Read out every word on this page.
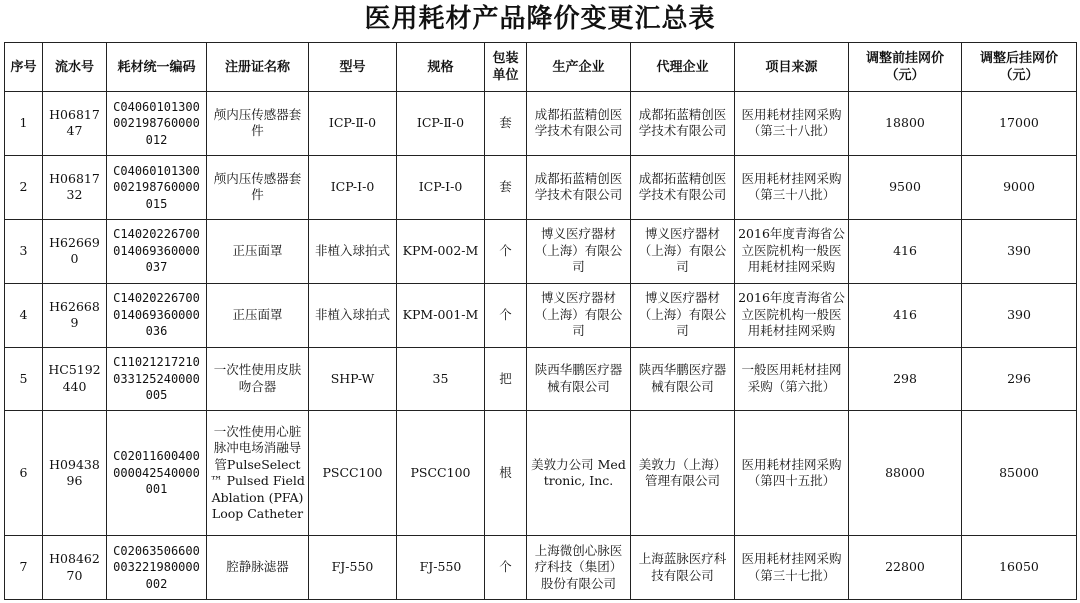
医用耗材产品降价变更汇总表
序号	流水号	耗材统一编码	注册证名称	型号	规格	包装单位	生产企业	代理企业	项目来源	调整前挂网价（元）	调整后挂网价（元）
1	H0681747	C04060101300002198760000012	颅内压传感器套件	ICP-Ⅱ-0	ICP-Ⅱ-0	套	成都拓蓝精创医学技术有限公司	成都拓蓝精创医学技术有限公司	医用耗材挂网采购（第三十八批）	18800	17000
2	H0681732	C04060101300002198760000015	颅内压传感器套件	ICP-Ⅰ-0	ICP-Ⅰ-0	套	成都拓蓝精创医学技术有限公司	成都拓蓝精创医学技术有限公司	医用耗材挂网采购（第三十八批）	9500	9000
3	H626690	C14020226700014069360000037	正压面罩	非植入球拍式	KPM-002-M	个	博义医疗器材（上海）有限公司	博义医疗器材（上海）有限公司	2016年度青海省公立医院机构一般医用耗材挂网采购	416	390
4	H626689	C14020226700014069360000036	正压面罩	非植入球拍式	KPM-001-M	个	博义医疗器材（上海）有限公司	博义医疗器材（上海）有限公司	2016年度青海省公立医院机构一般医用耗材挂网采购	416	390
5	HC5192440	C11021217210033125240000005	一次性使用皮肤吻合器	SHP-W	35	把	陕西华鹏医疗器械有限公司	陕西华鹏医疗器械有限公司	一般医用耗材挂网采购（第六批）	298	296
6	H0943896	C02011600400000042540000001	一次性使用心脏脉冲电场消融导管PulseSelect™ Pulsed Field Ablation (PFA) Loop Catheter	PSCC100	PSCC100	根	美敦力公司 Medtronic, Inc.	美敦力（上海）管理有限公司	医用耗材挂网采购（第四十五批）	88000	85000
7	H0846270	C02063506600003221980000002	腔静脉滤器	FJ-550	FJ-550	个	上海微创心脉医疗科技（集团）股份有限公司	上海蓝脉医疗科技有限公司	医用耗材挂网采购（第三十七批）	22800	16050
